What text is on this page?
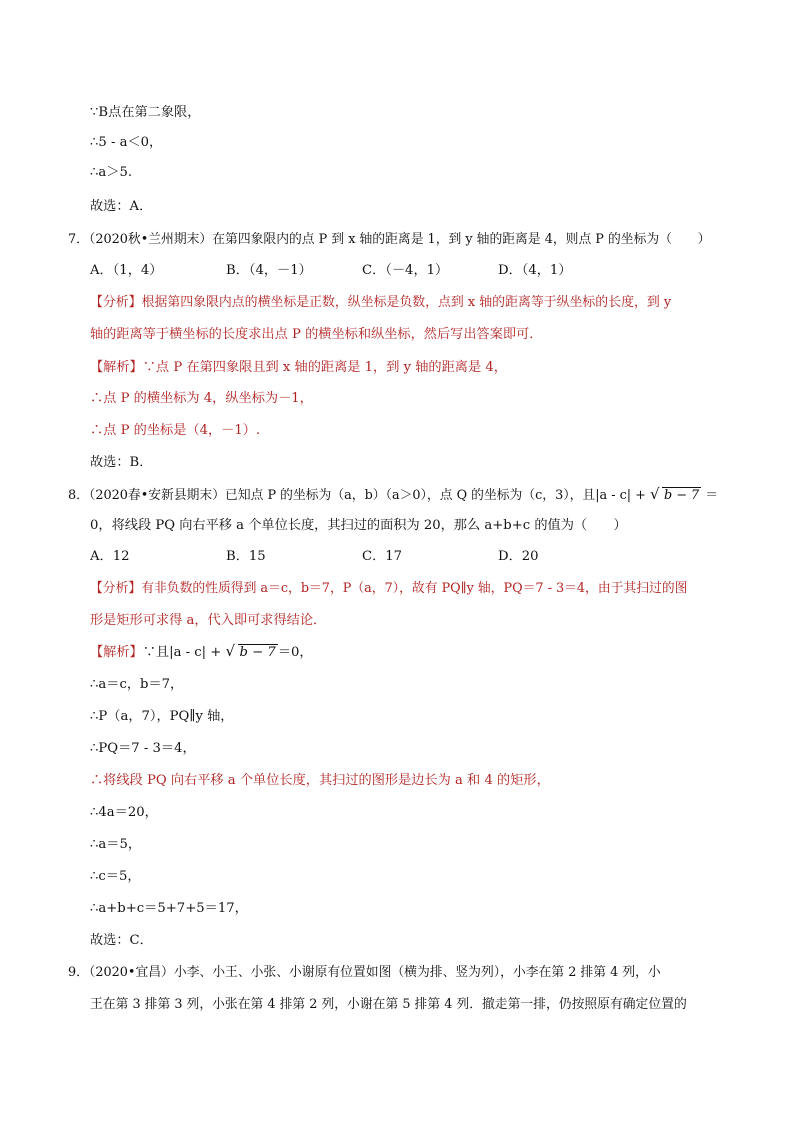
∵B点在第二象限，
∴5 - a＜0，
∴a＞5.
故选：A．
7．（2020秋•兰州期末）在第四象限内的点 P 到 x 轴的距离是 1，到 y 轴的距离是 4，则点 P 的坐标为（　　）
A．（1，4）	B．（4，－1）	C．（－4，1）	D．（4，1）
【分析】根据第四象限内点的横坐标是正数，纵坐标是负数，点到 x 轴的距离等于纵坐标的长度，到 y
轴的距离等于横坐标的长度求出点 P 的横坐标和纵坐标，然后写出答案即可．
【解析】∵点 P 在第四象限且到 x 轴的距离是 1，到 y 轴的距离是 4，
∴点 P 的横坐标为 4，纵坐标为－1，
∴点 P 的坐标是（4，－1）.
故选：B．
8．（2020春•安新县期末）已知点 P 的坐标为（a，b）（a＞0），点 Q 的坐标为（c，3），且|a - c| + √ b − 7 ＝
0，将线段 PQ 向右平移 a 个单位长度，其扫过的面积为 20，那么 a+b+c 的值为（　　）
A．12	B．15	C．17	D．20
【分析】有非负数的性质得到 a＝c，b＝7，P（a，7），故有 PQ∥y 轴，PQ＝7 - 3＝4，由于其扫过的图
形是矩形可求得 a，代入即可求得结论．
【解析】∵且|a - c| + √ b − 7 ＝0，
∴a＝c，b＝7，
∴P（a，7），PQ∥y 轴，
∴PQ＝7 - 3＝4，
∴将线段 PQ 向右平移 a 个单位长度，其扫过的图形是边长为 a 和 4 的矩形，
∴4a＝20，
∴a＝5，
∴c＝5，
∴a+b+c＝5+7+5＝17，
故选：C．
9．（2020•宜昌）小李、小王、小张、小谢原有位置如图（横为排、竖为列），小李在第 2 排第 4 列，小
王在第 3 排第 3 列，小张在第 4 排第 2 列，小谢在第 5 排第 4 列．撤走第一排，仍按照原有确定位置的
